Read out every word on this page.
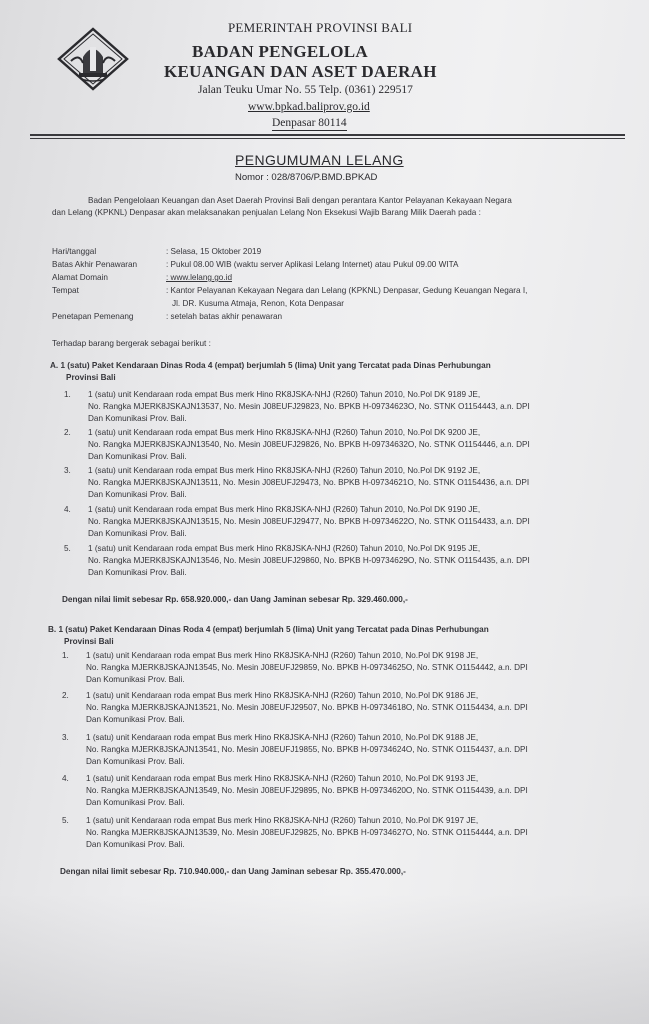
PEMERINTAH PROVINSI BALI
BADAN PENGELOLA
KEUANGAN DAN ASET DAERAH
Jalan Teuku Umar No. 55 Telp. (0361) 229517
www.bpkad.baliprov.go.id
Denpasar 80114
PENGUMUMAN LELANG
Nomor : 028/8706/P.BMD.BPKAD
Badan Pengelolaan Keuangan dan Aset Daerah Provinsi Bali dengan perantara Kantor Pelayanan Kekayaan Negara
dan Lelang (KPKNL) Denpasar akan melaksanakan penjualan Lelang Non Eksekusi Wajib Barang Milik Daerah pada :
Hari/tanggal	: Selasa, 15 Oktober 2019
Batas Akhir Penawaran	: Pukul 08.00 WIB (waktu server Aplikasi Lelang Internet) atau Pukul 09.00 WITA
Alamat Domain	: www.lelang.go.id
Tempat	: Kantor Pelayanan Kekayaan Negara dan Lelang (KPKNL) Denpasar, Gedung Keuangan Negara I,
Jl. DR. Kusuma Atmaja, Renon, Kota Denpasar
Penetapan Pemenang	: setelah batas akhir penawaran
Terhadap barang bergerak sebagai berikut :
A. 1 (satu) Paket Kendaraan Dinas Roda 4 (empat) berjumlah 5 (lima) Unit yang Tercatat pada Dinas Perhubungan
Provinsi Bali
1. 1 (satu) unit Kendaraan roda empat Bus merk Hino RK8JSKA-NHJ (R260) Tahun 2010, No.Pol DK 9189 JE,
No. Rangka MJERK8JSKAJN13537, No. Mesin J08EUFJ29823, No. BPKB H-09734623O, No. STNK O1154443, a.n. DPI
Dan Komunikasi Prov. Bali.
2. 1 (satu) unit Kendaraan roda empat Bus merk Hino RK8JSKA-NHJ (R260) Tahun 2010, No.Pol DK 9200 JE,
No. Rangka MJERK8JSKAJN13540, No. Mesin J08EUFJ29826, No. BPKB H-09734632O, No. STNK O1154446, a.n. DPI
Dan Komunikasi Prov. Bali.
3. 1 (satu) unit Kendaraan roda empat Bus merk Hino RK8JSKA-NHJ (R260) Tahun 2010, No.Pol DK 9192 JE,
No. Rangka MJERK8JSKAJN13511, No. Mesin J08EUFJ29473, No. BPKB H-09734621O, No. STNK O1154436, a.n. DPI
Dan Komunikasi Prov. Bali.
4. 1 (satu) unit Kendaraan roda empat Bus merk Hino RK8JSKA-NHJ (R260) Tahun 2010, No.Pol DK 9190 JE,
No. Rangka MJERK8JSKAJN13515, No. Mesin J08EUFJ29477, No. BPKB H-09734622O, No. STNK O1154433, a.n. DPI
Dan Komunikasi Prov. Bali.
5. 1 (satu) unit Kendaraan roda empat Bus merk Hino RK8JSKA-NHJ (R260) Tahun 2010, No.Pol DK 9195 JE,
No. Rangka MJERK8JSKAJN13546, No. Mesin J08EUFJ29860, No. BPKB H-09734629O, No. STNK O1154435, a.n. DPI
Dan Komunikasi Prov. Bali.
Dengan nilai limit sebesar Rp. 658.920.000,- dan Uang Jaminan sebesar Rp. 329.460.000,-
B. 1 (satu) Paket Kendaraan Dinas Roda 4 (empat) berjumlah 5 (lima) Unit yang Tercatat pada Dinas Perhubungan
Provinsi Bali
1. 1 (satu) unit Kendaraan roda empat Bus merk Hino RK8JSKA-NHJ (R260) Tahun 2010, No.Pol DK 9198 JE,
No. Rangka MJERK8JSKAJN13545, No. Mesin J08EUFJ29859, No. BPKB H-09734625O, No. STNK O1154442, a.n. DPI
Dan Komunikasi Prov. Bali.
2. 1 (satu) unit Kendaraan roda empat Bus merk Hino RK8JSKA-NHJ (R260) Tahun 2010, No.Pol DK 9186 JE,
No. Rangka MJERK8JSKAJN13521, No. Mesin J08EUFJ29507, No. BPKB H-09734618O, No. STNK O1154434, a.n. DPI
Dan Komunikasi Prov. Bali.
3. 1 (satu) unit Kendaraan roda empat Bus merk Hino RK8JSKA-NHJ (R260) Tahun 2010, No.Pol DK 9188 JE,
No. Rangka MJERK8JSKAJN13541, No. Mesin J08EUFJ19855, No. BPKB H-09734624O, No. STNK O1154437, a.n. DPI
Dan Komunikasi Prov. Bali.
4. 1 (satu) unit Kendaraan roda empat Bus merk Hino RK8JSKA-NHJ (R260) Tahun 2010, No.Pol DK 9193 JE,
No. Rangka MJERK8JSKAJN13549, No. Mesin J08EUFJ29895, No. BPKB H-09734620O, No. STNK O1154439, a.n. DPI
Dan Komunikasi Prov. Bali.
5. 1 (satu) unit Kendaraan roda empat Bus merk Hino RK8JSKA-NHJ (R260) Tahun 2010, No.Pol DK 9197 JE,
No. Rangka MJERK8JSKAJN13539, No. Mesin J08EUFJ29825, No. BPKB H-09734627O, No. STNK O1154444, a.n. DPI
Dan Komunikasi Prov. Bali.
Dengan nilai limit sebesar Rp. 710.940.000,- dan Uang Jaminan sebesar Rp. 355.470.000,-
